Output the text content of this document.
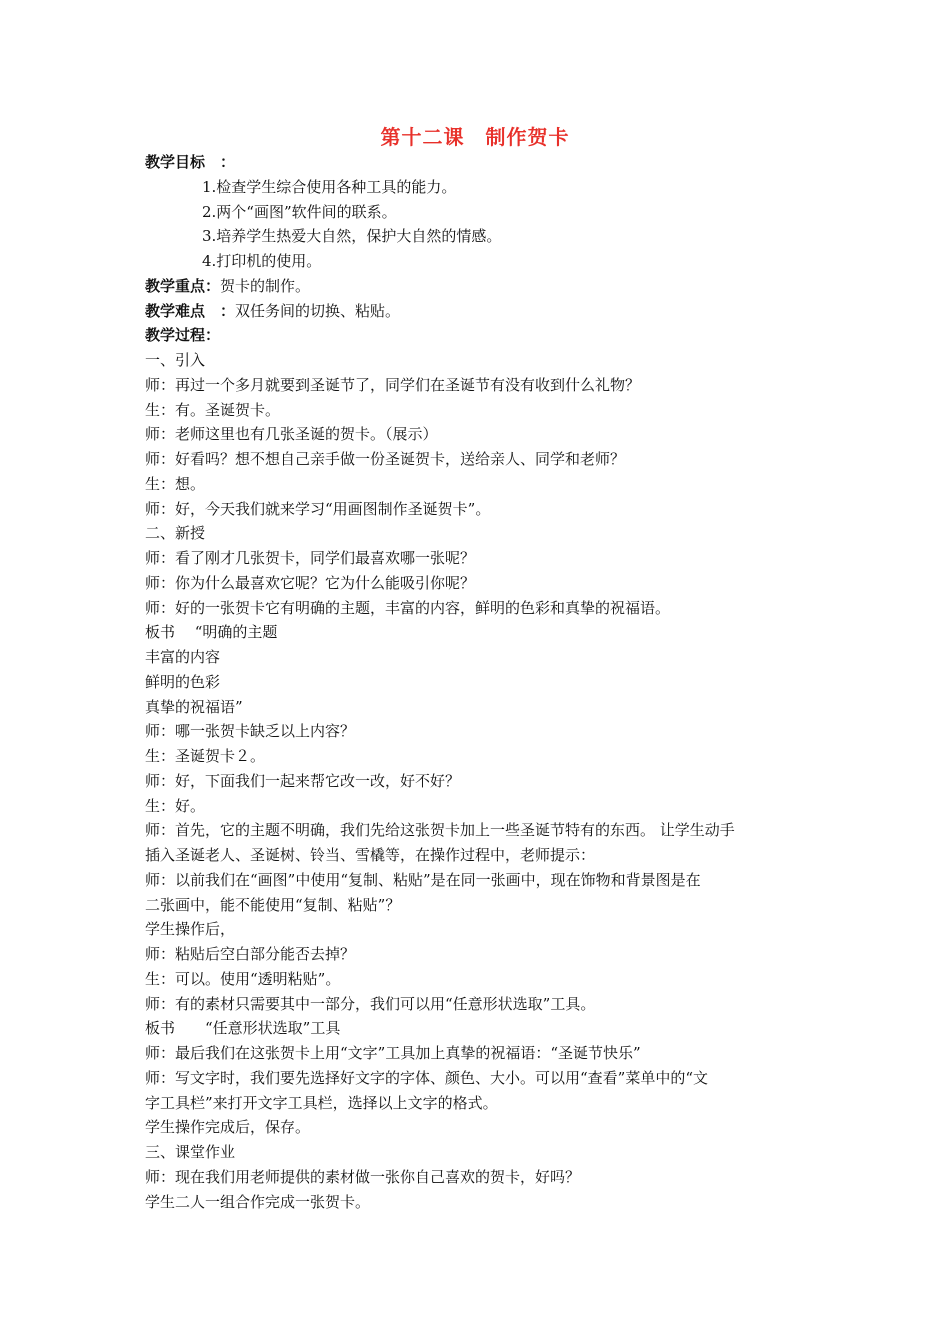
第十二课　制作贺卡
教学目标　：
1.检查学生综合使用各种工具的能力。
2.两个“画图”软件间的联系。
3.培养学生热爱大自然，保护大自然的情感。
4.打印机的使用。
教学重点：贺卡的制作。
教学难点　：双任务间的切换、粘贴。
教学过程：
一、引入
师：再过一个多月就要到圣诞节了，同学们在圣诞节有没有收到什么礼物？
生：有。圣诞贺卡。
师：老师这里也有几张圣诞的贺卡。（展示）
师：好看吗？想不想自己亲手做一份圣诞贺卡，送给亲人、同学和老师？
生：想。
师：好，今天我们就来学习“用画图制作圣诞贺卡”。
二、新授
师：看了刚才几张贺卡，同学们最喜欢哪一张呢？
师：你为什么最喜欢它呢？它为什么能吸引你呢？
师：好的一张贺卡它有明确的主题，丰富的内容，鲜明的色彩和真挚的祝福语。
板书　 “明确的主题
丰富的内容
鲜明的色彩
真挚的祝福语”
师：哪一张贺卡缺乏以上内容？
生：圣诞贺卡２。
师：好，下面我们一起来帮它改一改，好不好？
生：好。
师：首先，它的主题不明确，我们先给这张贺卡加上一些圣诞节特有的东西。 让学生动手
插入圣诞老人、圣诞树、铃当、雪橇等，在操作过程中，老师提示：
师：以前我们在“画图”中使用“复制、粘贴”是在同一张画中，现在饰物和背景图是在
二张画中，能不能使用“复制、粘贴”？
学生操作后，
师：粘贴后空白部分能否去掉？
生：可以。使用“透明粘贴”。
师：有的素材只需要其中一部分，我们可以用“任意形状选取”工具。
板书　　“任意形状选取”工具
师：最后我们在这张贺卡上用“文字”工具加上真挚的祝福语：“圣诞节快乐”
师：写文字时，我们要先选择好文字的字体、颜色、大小。可以用“查看”菜单中的“文
字工具栏”来打开文字工具栏，选择以上文字的格式。
学生操作完成后，保存。
三、课堂作业
师：现在我们用老师提供的素材做一张你自己喜欢的贺卡，好吗？
学生二人一组合作完成一张贺卡。
